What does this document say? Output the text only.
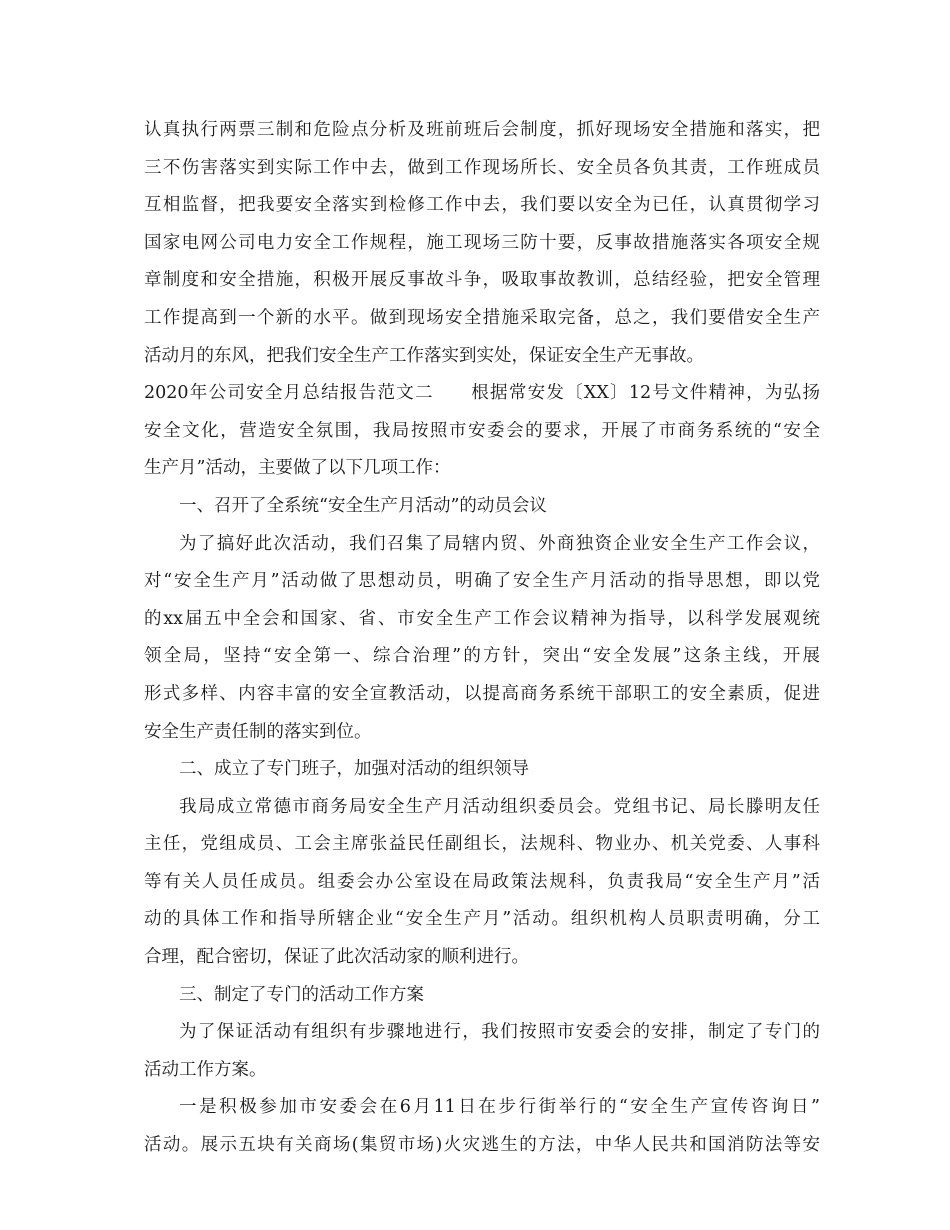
认真执行两票三制和危险点分析及班前班后会制度，抓好现场安全措施和落实，把
三不伤害落实到实际工作中去，做到工作现场所长、安全员各负其责，工作班成员
互相监督，把我要安全落实到检修工作中去，我们要以安全为已任，认真贯彻学习
国家电网公司电力安全工作规程，施工现场三防十要，反事故措施落实各项安全规
章制度和安全措施，积极开展反事故斗争，吸取事故教训，总结经验，把安全管理
工作提高到一个新的水平。做到现场安全措施采取完备，总之，我们要借安全生产
活动月的东风，把我们安全生产工作落实到实处，保证安全生产无事故。
2020年公司安全月总结报告范文二　　根据常安发〔XX〕12号文件精神，为弘扬
安全文化，营造安全氛围，我局按照市安委会的要求，开展了市商务系统的“安全
生产月”活动，主要做了以下几项工作：
一、召开了全系统“安全生产月活动”的动员会议
为了搞好此次活动，我们召集了局辖内贸、外商独资企业安全生产工作会议，
对“安全生产月”活动做了思想动员，明确了安全生产月活动的指导思想，即以党
的xx届五中全会和国家、省、市安全生产工作会议精神为指导，以科学发展观统
领全局，坚持“安全第一、综合治理”的方针，突出“安全发展”这条主线，开展
形式多样、内容丰富的安全宣教活动，以提高商务系统干部职工的安全素质，促进
安全生产责任制的落实到位。
二、成立了专门班子，加强对活动的组织领导
我局成立常德市商务局安全生产月活动组织委员会。党组书记、局长滕明友任
主任，党组成员、工会主席张益民任副组长，法规科、物业办、机关党委、人事科
等有关人员任成员。组委会办公室设在局政策法规科，负责我局“安全生产月”活
动的具体工作和指导所辖企业“安全生产月”活动。组织机构人员职责明确，分工
合理，配合密切，保证了此次活动家的顺利进行。
三、制定了专门的活动工作方案
为了保证活动有组织有步骤地进行，我们按照市安委会的安排，制定了专门的
活动工作方案。
一是积极参加市安委会在6月11日在步行街举行的“安全生产宣传咨询日”
活动。展示五块有关商场(集贸市场)火灾逃生的方法，中华人民共和国消防法等安
